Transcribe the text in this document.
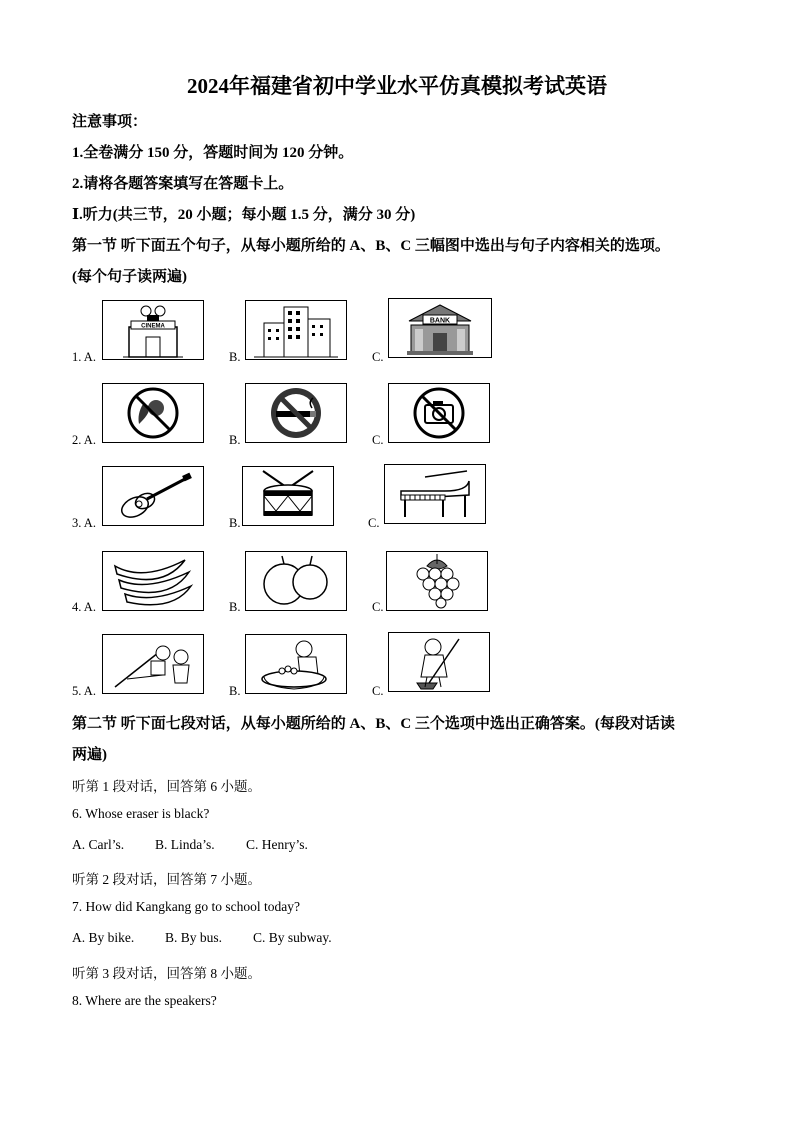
2024年福建省初中学业水平仿真模拟考试英语
注意事项：
1.全卷满分 150 分，答题时间为 120 分钟。
2.请将各题答案填写在答题卡上。
Ⅰ.听力(共三节，20 小题；每小题 1.5 分，满分 30 分)
第一节 听下面五个句子，从每小题所给的 A、B、C 三幅图中选出与句子内容相关的选项。
(每个句子读两遍)
1. A.
CINEMA
B.	C.
BANK
2. A.	B.	C.
3. A.	B.	C.
4. A.	B.	C.
5. A.	B.	C.
第二节 听下面七段对话，从每小题所给的 A、B、C 三个选项中选出正确答案。(每段对话读
两遍)
听第 1 段对话，回答第 6 小题。
6. Whose eraser is black?
A. Carl’s. B. Linda’s. C. Henry’s.
听第 2 段对话，回答第 7 小题。
7. How did Kangkang go to school today?
A. By bike. B. By bus. C. By subway.
听第 3 段对话，回答第 8 小题。
8. Where are the speakers?
